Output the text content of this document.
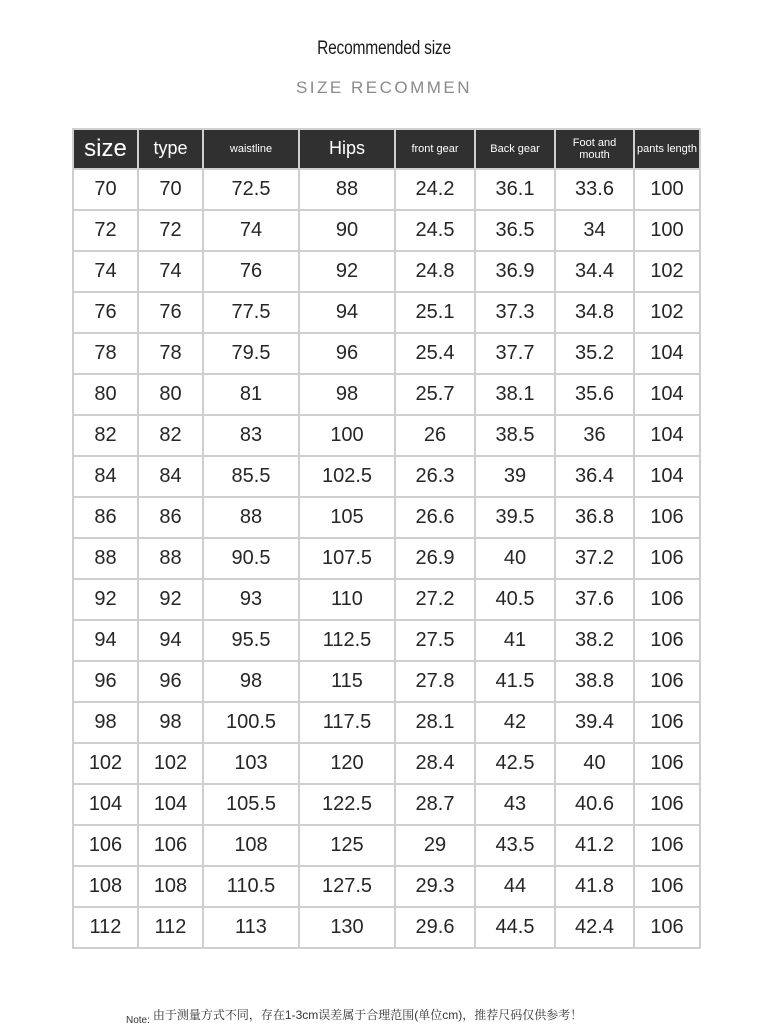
Recommended size
SIZE RECOMMEN
size	type	waistline	Hips	front gear	Back gear	Foot and mouth	pants length
70	70	72.5	88	24.2	36.1	33.6	100
72	72	74	90	24.5	36.5	34	100
74	74	76	92	24.8	36.9	34.4	102
76	76	77.5	94	25.1	37.3	34.8	102
78	78	79.5	96	25.4	37.7	35.2	104
80	80	81	98	25.7	38.1	35.6	104
82	82	83	100	26	38.5	36	104
84	84	85.5	102.5	26.3	39	36.4	104
86	86	88	105	26.6	39.5	36.8	106
88	88	90.5	107.5	26.9	40	37.2	106
92	92	93	110	27.2	40.5	37.6	106
94	94	95.5	112.5	27.5	41	38.2	106
96	96	98	115	27.8	41.5	38.8	106
98	98	100.5	117.5	28.1	42	39.4	106
102	102	103	120	28.4	42.5	40	106
104	104	105.5	122.5	28.7	43	40.6	106
106	106	108	125	29	43.5	41.2	106
108	108	110.5	127.5	29.3	44	41.8	106
112	112	113	130	29.6	44.5	42.4	106
$_{Note:}$ 由于测量方式不同，存在1-3cm误差属于合理范围(单位cm)，推荐尺码仅供参考！
